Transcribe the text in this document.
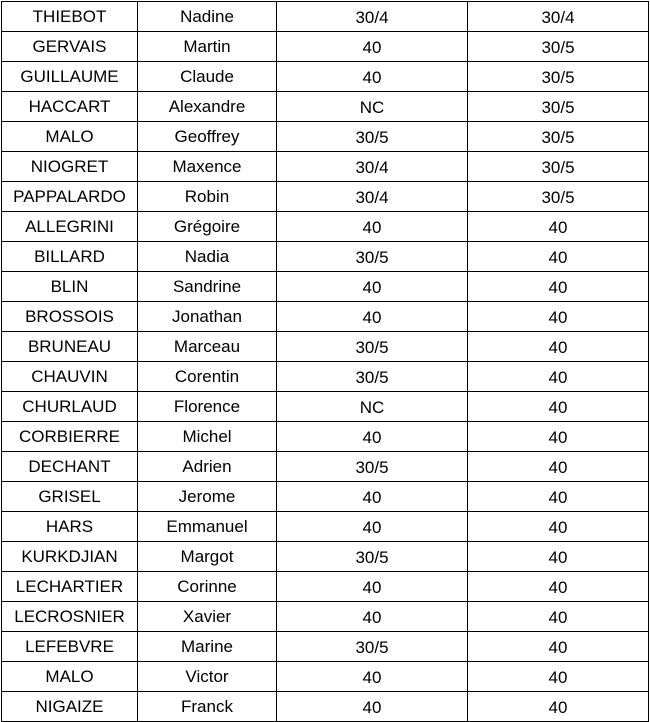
THIEBOT	Nadine	30/4	30/4
GERVAIS	Martin	40	30/5
GUILLAUME	Claude	40	30/5
HACCART	Alexandre	NC	30/5
MALO	Geoffrey	30/5	30/5
NIOGRET	Maxence	30/4	30/5
PAPPALARDO	Robin	30/4	30/5
ALLEGRINI	Grégoire	40	40
BILLARD	Nadia	30/5	40
BLIN	Sandrine	40	40
BROSSOIS	Jonathan	40	40
BRUNEAU	Marceau	30/5	40
CHAUVIN	Corentin	30/5	40
CHURLAUD	Florence	NC	40
CORBIERRE	Michel	40	40
DECHANT	Adrien	30/5	40
GRISEL	Jerome	40	40
HARS	Emmanuel	40	40
KURKDJIAN	Margot	30/5	40
LECHARTIER	Corinne	40	40
LECROSNIER	Xavier	40	40
LEFEBVRE	Marine	30/5	40
MALO	Victor	40	40
NIGAIZE	Franck	40	40
